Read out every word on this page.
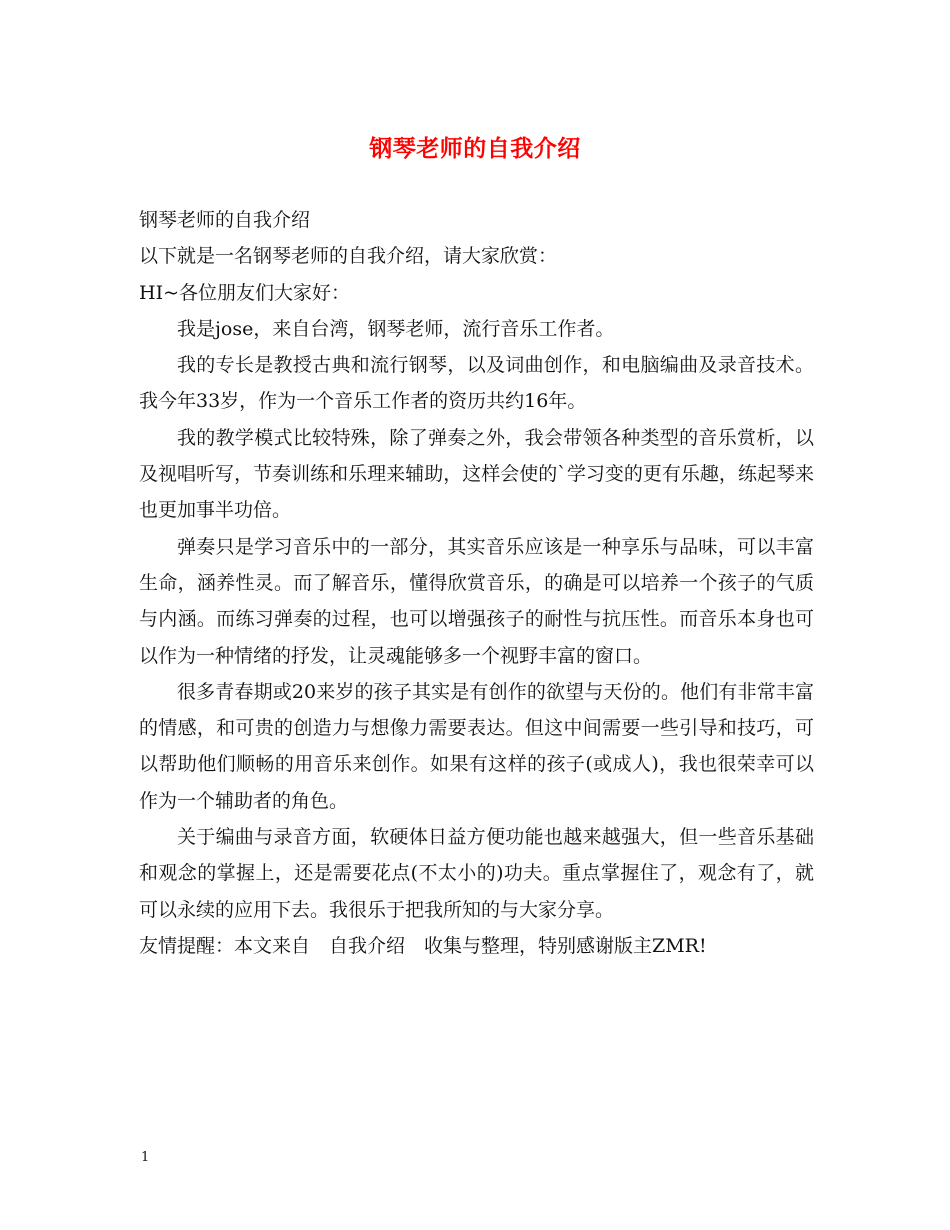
钢琴老师的自我介绍

钢琴老师的自我介绍

以下就是一名钢琴老师的自我介绍，请大家欣赏：

HI~各位朋友们大家好：

我是jose，来自台湾，钢琴老师，流行音乐工作者。

我的专长是教授古典和流行钢琴，以及词曲创作，和电脑编曲及录音技术。我今年33岁，作为一个音乐工作者的资历共约16年。

我的教学模式比较特殊，除了弹奏之外，我会带领各种类型的音乐赏析，以及视唱听写，节奏训练和乐理来辅助，这样会使的`学习变的更有乐趣，练起琴来也更加事半功倍。

弹奏只是学习音乐中的一部分，其实音乐应该是一种享乐与品味，可以丰富生命，涵养性灵。而了解音乐，懂得欣赏音乐，的确是可以培养一个孩子的气质与内涵。而练习弹奏的过程，也可以增强孩子的耐性与抗压性。而音乐本身也可以作为一种情绪的抒发，让灵魂能够多一个视野丰富的窗口。

很多青春期或20来岁的孩子其实是有创作的欲望与天份的。他们有非常丰富的情感，和可贵的创造力与想像力需要表达。但这中间需要一些引导和技巧，可以帮助他们顺畅的用音乐来创作。如果有这样的孩子(或成人)，我也很荣幸可以作为一个辅助者的角色。

关于编曲与录音方面，软硬体日益方便功能也越来越强大，但一些音乐基础和观念的掌握上，还是需要花点(不太小的)功夫。重点掌握住了，观念有了，就可以永续的应用下去。我很乐于把我所知的与大家分享。

友情提醒：本文来自　自我介绍　收集与整理，特别感谢版主ZMR!

1
